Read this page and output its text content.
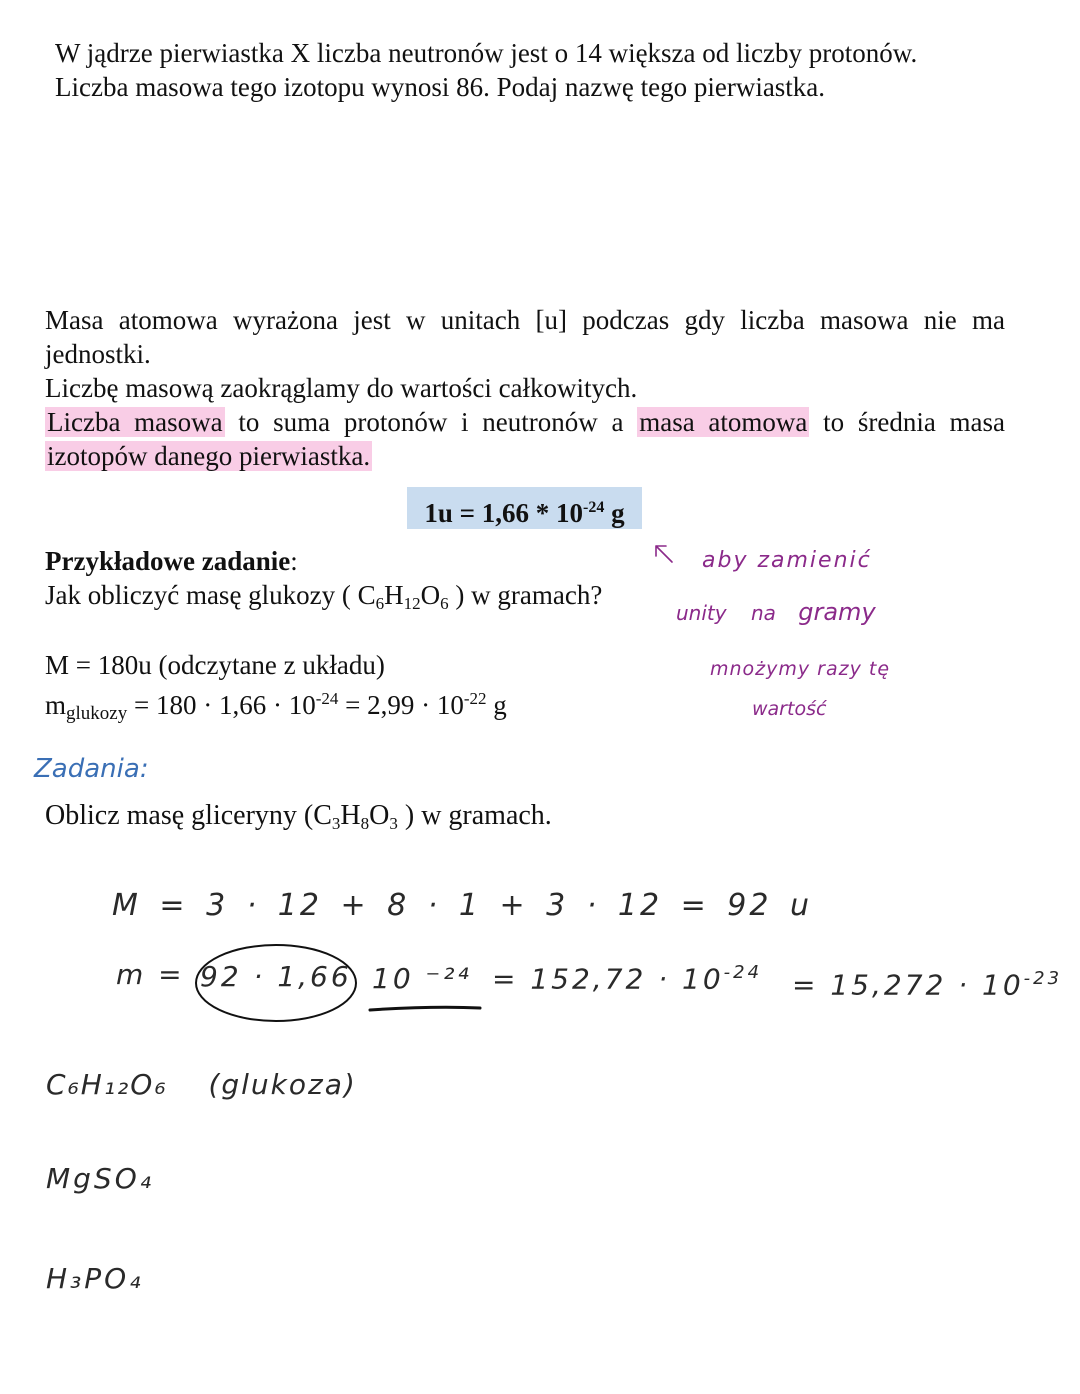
W jądrze pierwiastka X liczba neutronów jest o 14 większa od liczby protonów.
Liczba masowa tego izotopu wynosi 86. Podaj nazwę tego pierwiastka.
Masa atomowa wyrażona jest w unitach [u] podczas gdy liczba masowa nie ma
jednostki.
Liczbę masową zaokrąglamy do wartości całkowitych.
Liczba masowa to suma protonów i neutronów a masa atomowa to średnia masa
izotopów danego pierwiastka.
$1u = 1,66 * 10^{-24}$ g
Przykładowe zadanie:
Jak obliczyć masę glukozy ( $C_6H_{12}O_6$ ) w gramach?
M = 180u (odczytane z układu)
$m_{glukozy} = 180 \cdot 1,66 \cdot 10^{-24} = 2,99 \cdot 10^{-22}$ g
aby zamienić
unity na gramy
mnożymy razy tę
wartość
Zadania:
Oblicz masę gliceryny ($C_3H_8O_3$ ) w gramach.
M = 3 · 12 + 8 · 1 + 3 · 12 = 92 u
m = 92 · 1,66 10 $^{-24} = 152,72 \cdot 10^{-24} = 15,272 \cdot 10^{-23}$
C₆H₁₂O₆ (glukoza)
MgSO₄
H₃PO₄
